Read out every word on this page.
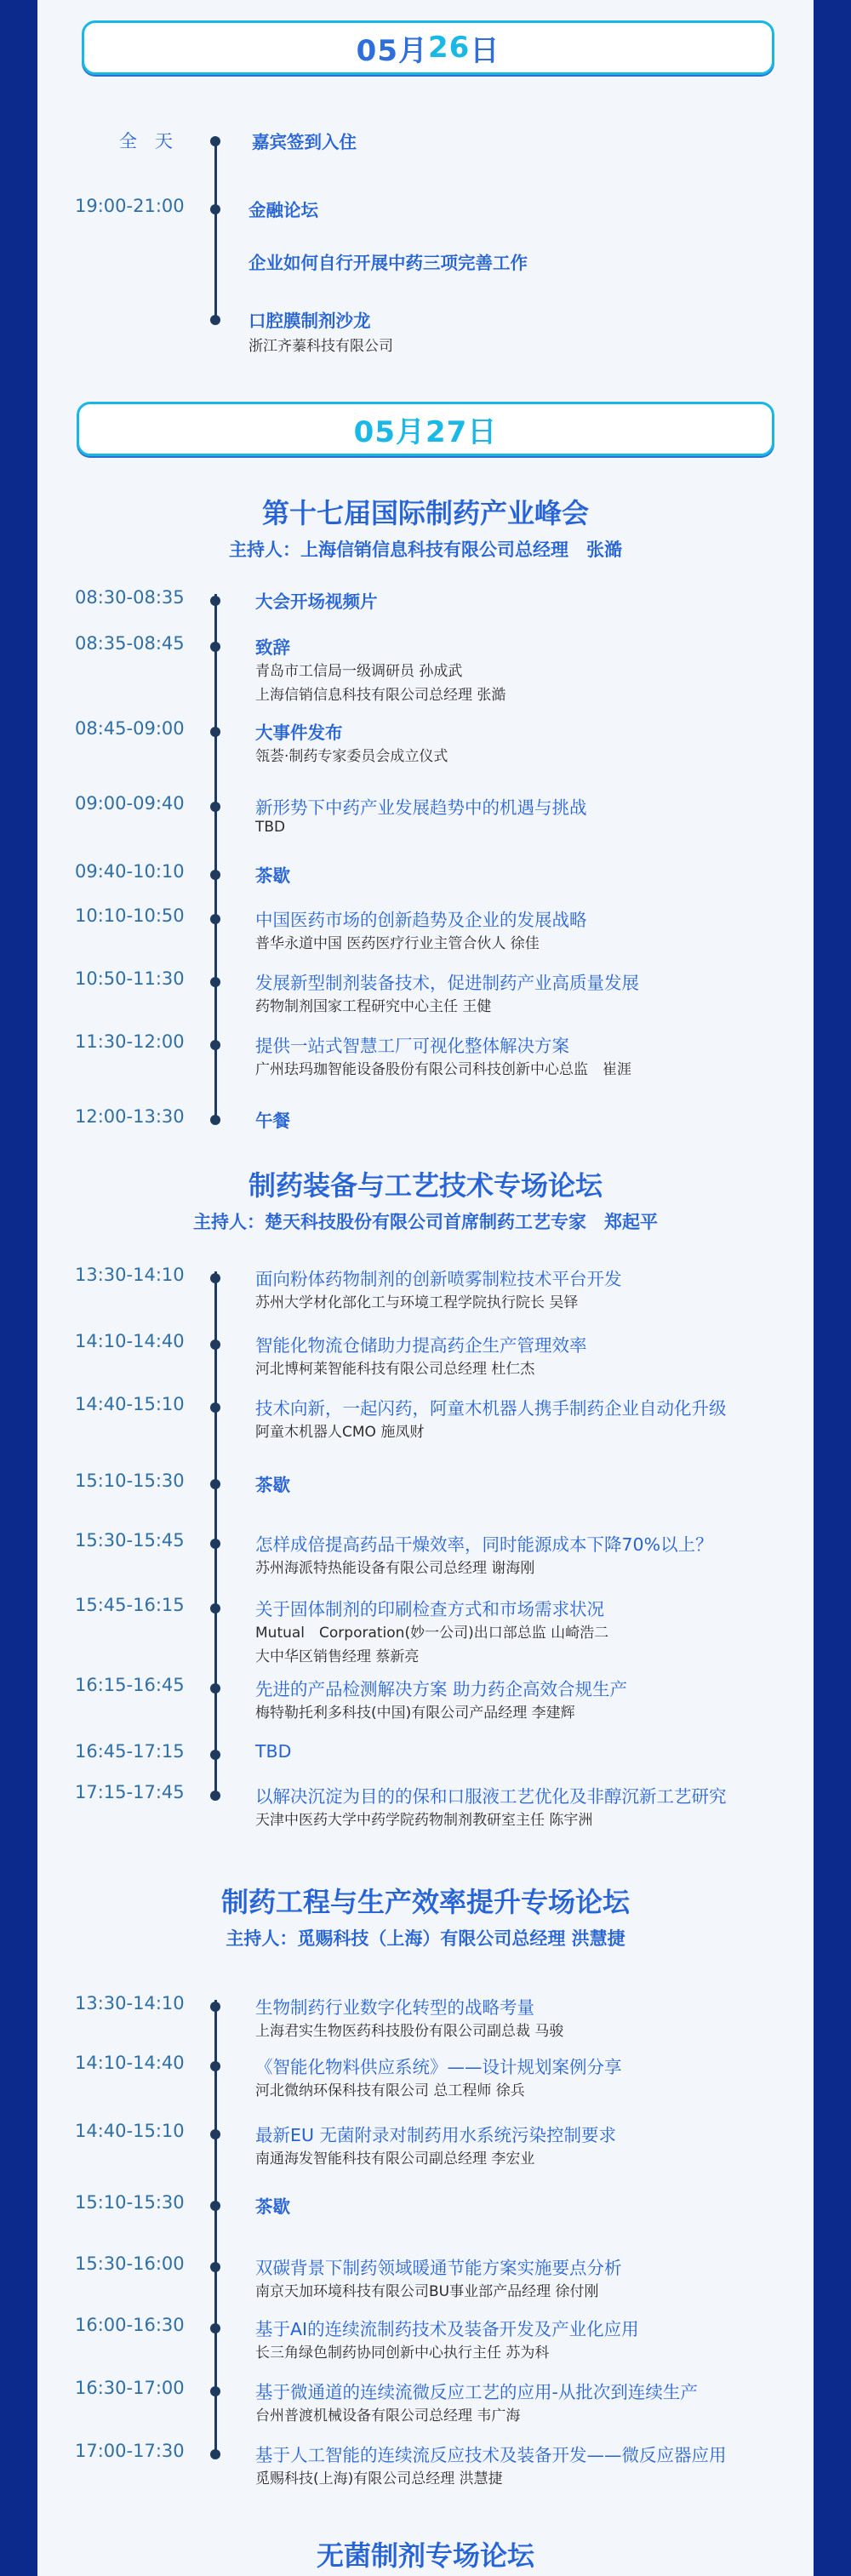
05月 26 日
全　天	嘉宾签到入住
19:00-21:00	金融论坛
企业如何自行开展中药三项完善工作
口腔膜制剂沙龙
浙江齐蓁科技有限公司
05月27日
第十七届国际制药产业峰会
主持人：上海信销信息科技有限公司总经理　张澔
08:30-08:35	大会开场视频片
08:35-08:45	致辞
青岛市工信局一级调研员 孙成武
上海信销信息科技有限公司总经理 张澔
08:45-09:00	大事件发布
瓴荟·制药专家委员会成立仪式
09:00-09:40	新形势下中药产业发展趋势中的机遇与挑战
TBD
09:40-10:10	茶歇
10:10-10:50	中国医药市场的创新趋势及企业的发展战略
普华永道中国 医药医疗行业主管合伙人 徐佳
10:50-11:30	发展新型制剂装备技术，促进制药产业高质量发展
药物制剂国家工程研究中心主任 王健
11:30-12:00	提供一站式智慧工厂可视化整体解决方案
广州珐玛珈智能设备股份有限公司科技创新中心总监　崔涯
12:00-13:30	午餐
制药装备与工艺技术专场论坛
主持人：楚天科技股份有限公司首席制药工艺专家　郑起平
13:30-14:10	面向粉体药物制剂的创新喷雾制粒技术平台开发
苏州大学材化部化工与环境工程学院执行院长 吴铎
14:10-14:40	智能化物流仓储助力提高药企生产管理效率
河北博柯莱智能科技有限公司总经理 杜仁杰
14:40-15:10	技术向新，一起闪药，阿童木机器人携手制药企业自动化升级
阿童木机器人CMO 施凤财
15:10-15:30	茶歇
15:30-15:45	怎样成倍提高药品干燥效率，同时能源成本下降70%以上？
苏州海派特热能设备有限公司总经理 谢海刚
15:45-16:15	关于固体制剂的印刷检查方式和市场需求状况
Mutual　Corporation(妙一公司)出口部总监 山崎浩二
大中华区销售经理 蔡新亮
16:15-16:45	先进的产品检测解决方案 助力药企高效合规生产
梅特勒托利多科技(中国)有限公司产品经理 李建辉
16:45-17:15	TBD
17:15-17:45	以解决沉淀为目的的保和口服液工艺优化及非醇沉新工艺研究
天津中医药大学中药学院药物制剂教研室主任 陈宇洲
制药工程与生产效率提升专场论坛
主持人：觅赐科技（上海）有限公司总经理 洪慧捷
13:30-14:10	生物制药行业数字化转型的战略考量
上海君实生物医药科技股份有限公司副总裁 马骏
14:10-14:40	《智能化物料供应系统》——设计规划案例分享
河北微纳环保科技有限公司 总工程师 徐兵
14:40-15:10	最新EU 无菌附录对制药用水系统污染控制要求
南通海发智能科技有限公司副总经理 李宏业
15:10-15:30	茶歇
15:30-16:00	双碳背景下制药领域暖通节能方案实施要点分析
南京天加环境科技有限公司BU事业部产品经理 徐付刚
16:00-16:30	基于AI的连续流制药技术及装备开发及产业化应用
长三角绿色制药协同创新中心执行主任 苏为科
16:30-17:00	基于微通道的连续流微反应工艺的应用-从批次到连续生产
台州普渡机械设备有限公司总经理 韦广海
17:00-17:30	基于人工智能的连续流反应技术及装备开发——微反应器应用
觅赐科技(上海)有限公司总经理 洪慧捷
无菌制剂专场论坛
